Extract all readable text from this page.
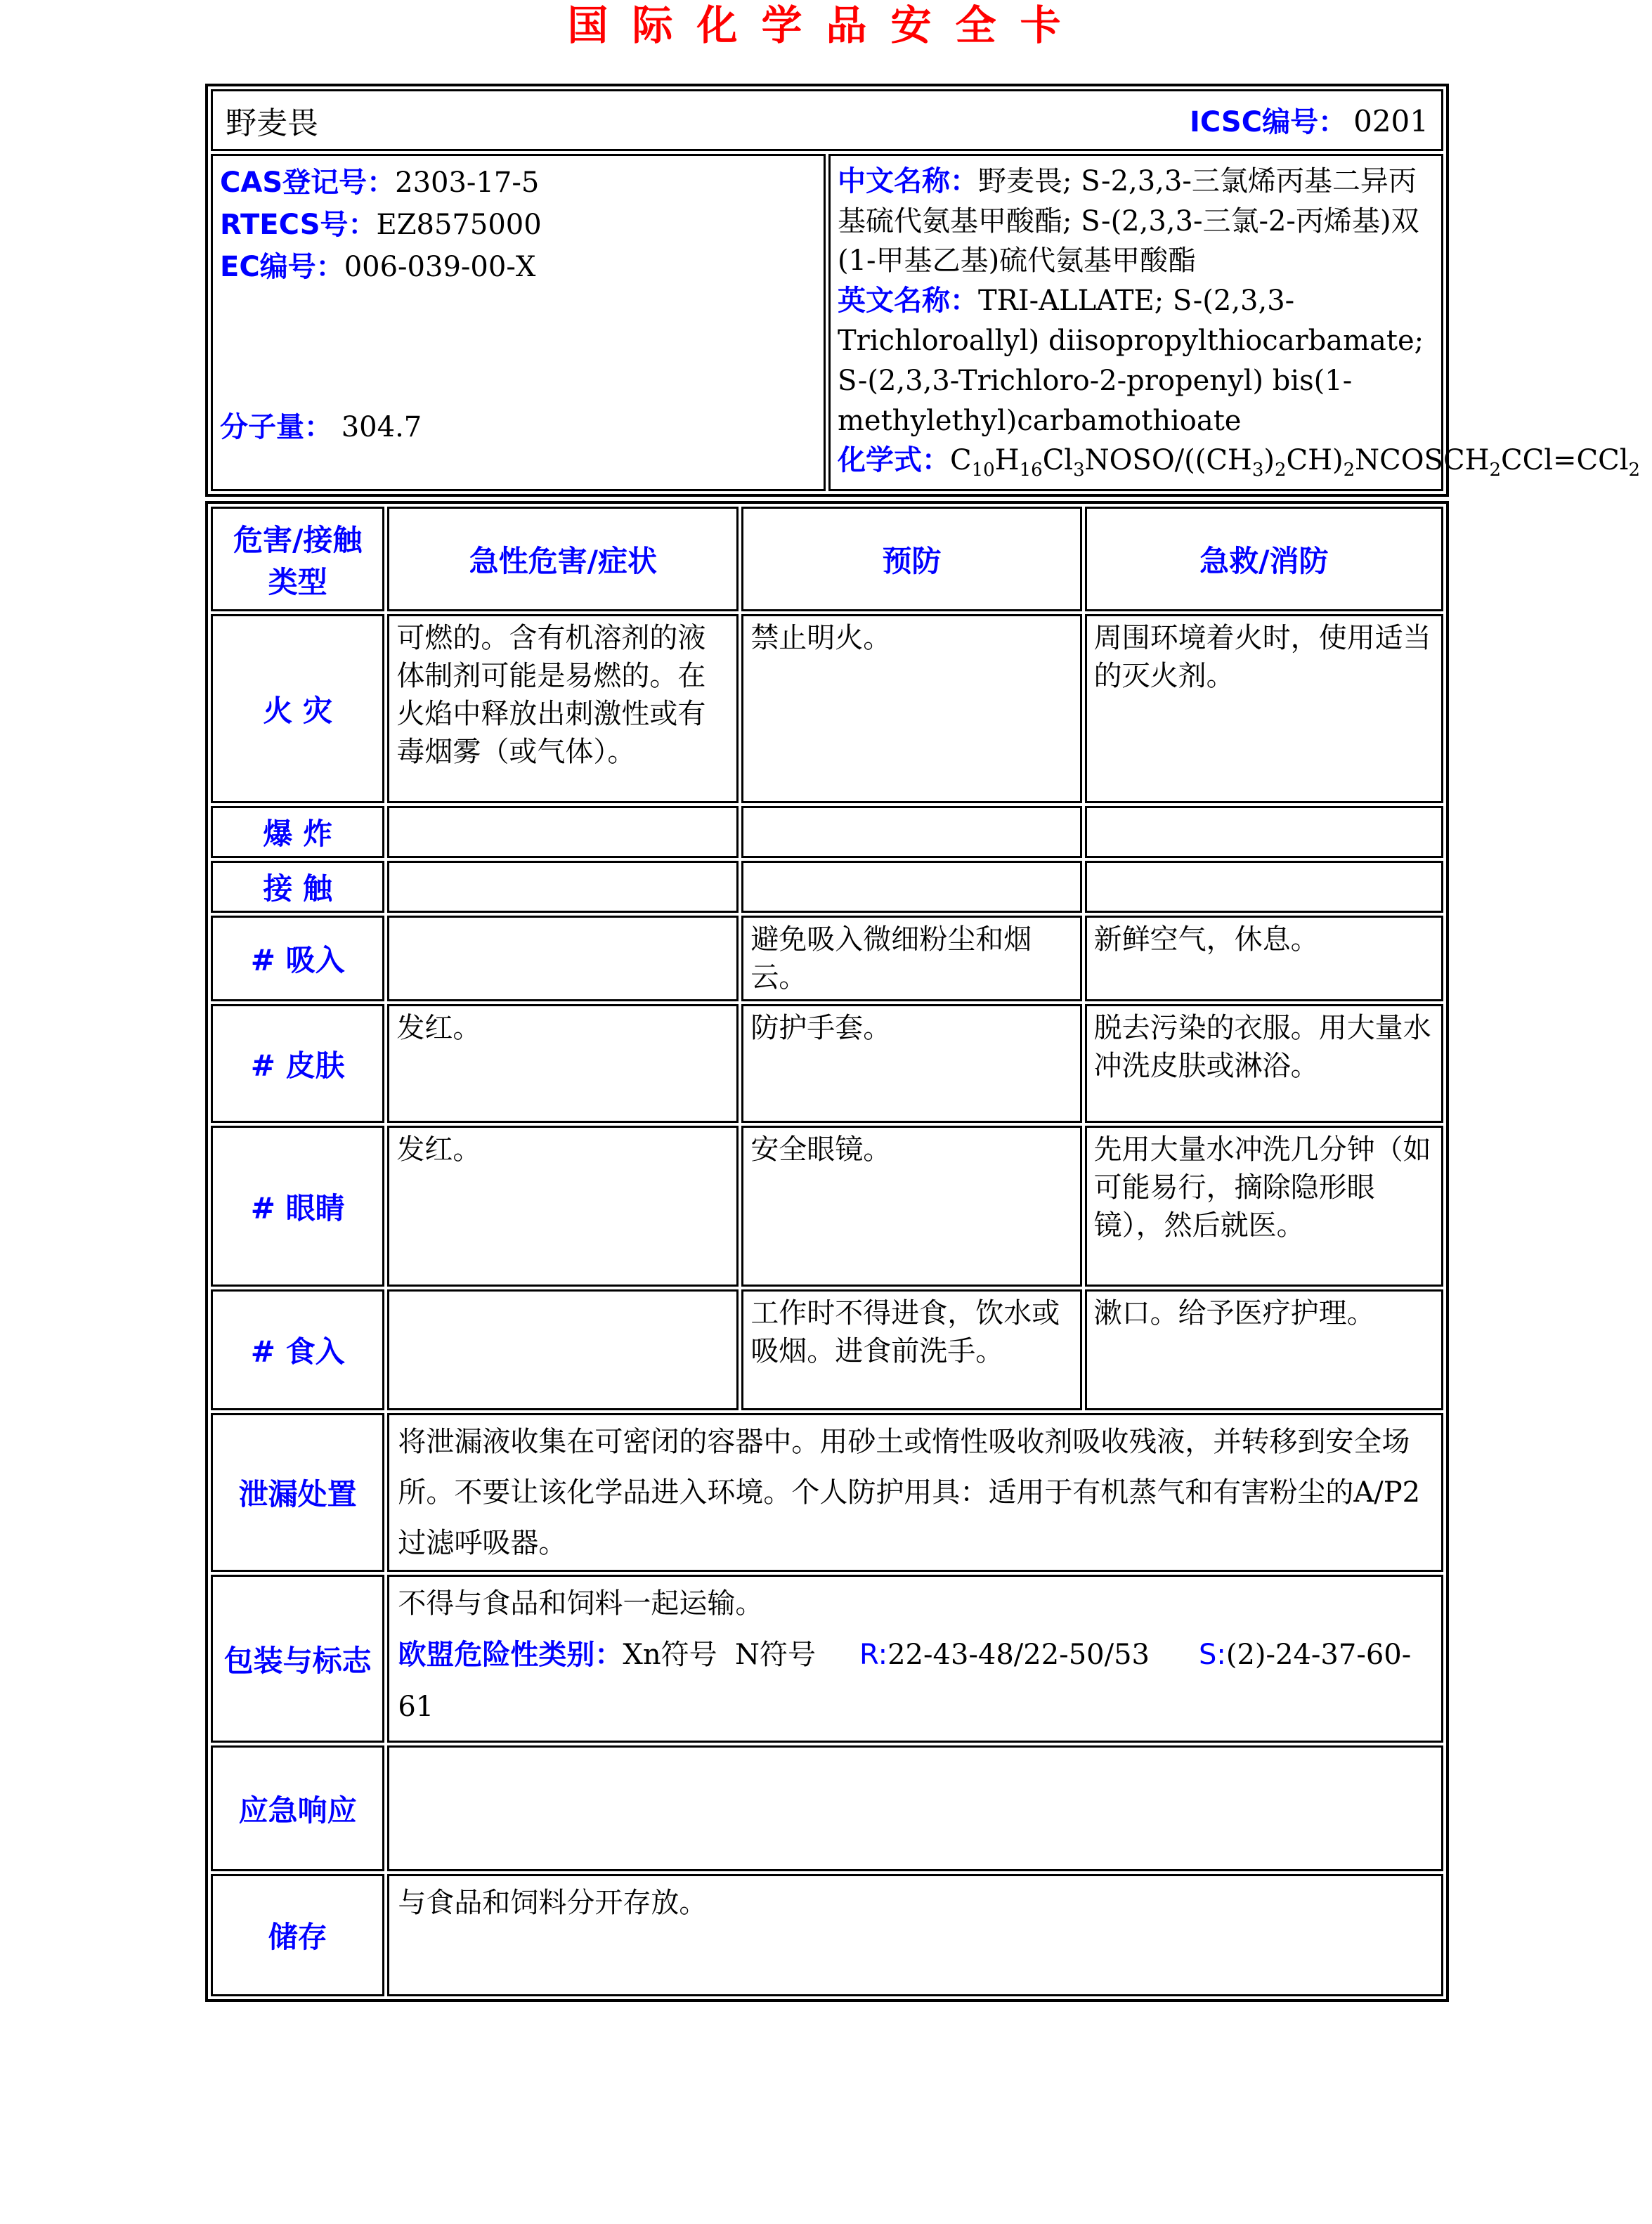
国际化学品安全卡
野麦畏	ICSC编号： 0201

CAS登记号：2303-17-5

RTECS号：EZ8575000

EC编号：006-039-00-X

分子量： 304.7

中文名称：野麦畏; S-2,3,3-三氯烯丙基二异丙基硫代氨基甲酸酯; S-(2,3,3-三氯-2-丙烯基)双(1-甲基乙基)硫代氨基甲酸酯

英文名称：TRI-ALLATE; S-(2,3,3-Trichloroallyl) diisopropylthiocarbamate; S-(2,3,3-Trichloro-2-propenyl) bis(1-methylethyl)carbamothioate

化学式：$C_{10}H_{16}Cl_3NOSO/((CH_3)_2CH)_2NCOSCH_2CCl=CCl_2$

危害/接触
类型	急性危害/症状	预防	急救/消防
火 灾	可燃的。含有机溶剂的液体制剂可能是易燃的。在火焰中释放出刺激性或有毒烟雾（或气体）。	禁止明火。	周围环境着火时，使用适当的灭火剂。
爆 炸			
接 触			
# 吸入		避免吸入微细粉尘和烟云。	新鲜空气，休息。
# 皮肤	发红。	防护手套。	脱去污染的衣服。用大量水冲洗皮肤或淋浴。
# 眼睛	发红。	安全眼镜。	先用大量水冲洗几分钟（如可能易行，摘除隐形眼镜），然后就医。
# 食入		工作时不得进食，饮水或吸烟。进食前洗手。	漱口。给予医疗护理。
泄漏处置	将泄漏液收集在可密闭的容器中。用砂土或惰性吸收剂吸收残液，并转移到安全场所。不要让该化学品进入环境。个人防护用具：适用于有机蒸气和有害粉尘的A/P2过滤呼吸器。		
包装与标志	不得与食品和饲料一起运输。
欧盟危险性类别：Xn符号  N符号 R:22-43-48/22-50/53 S:(2)-24-37-60-61		

应急响应			
储存	与食品和饲料分开存放。		
